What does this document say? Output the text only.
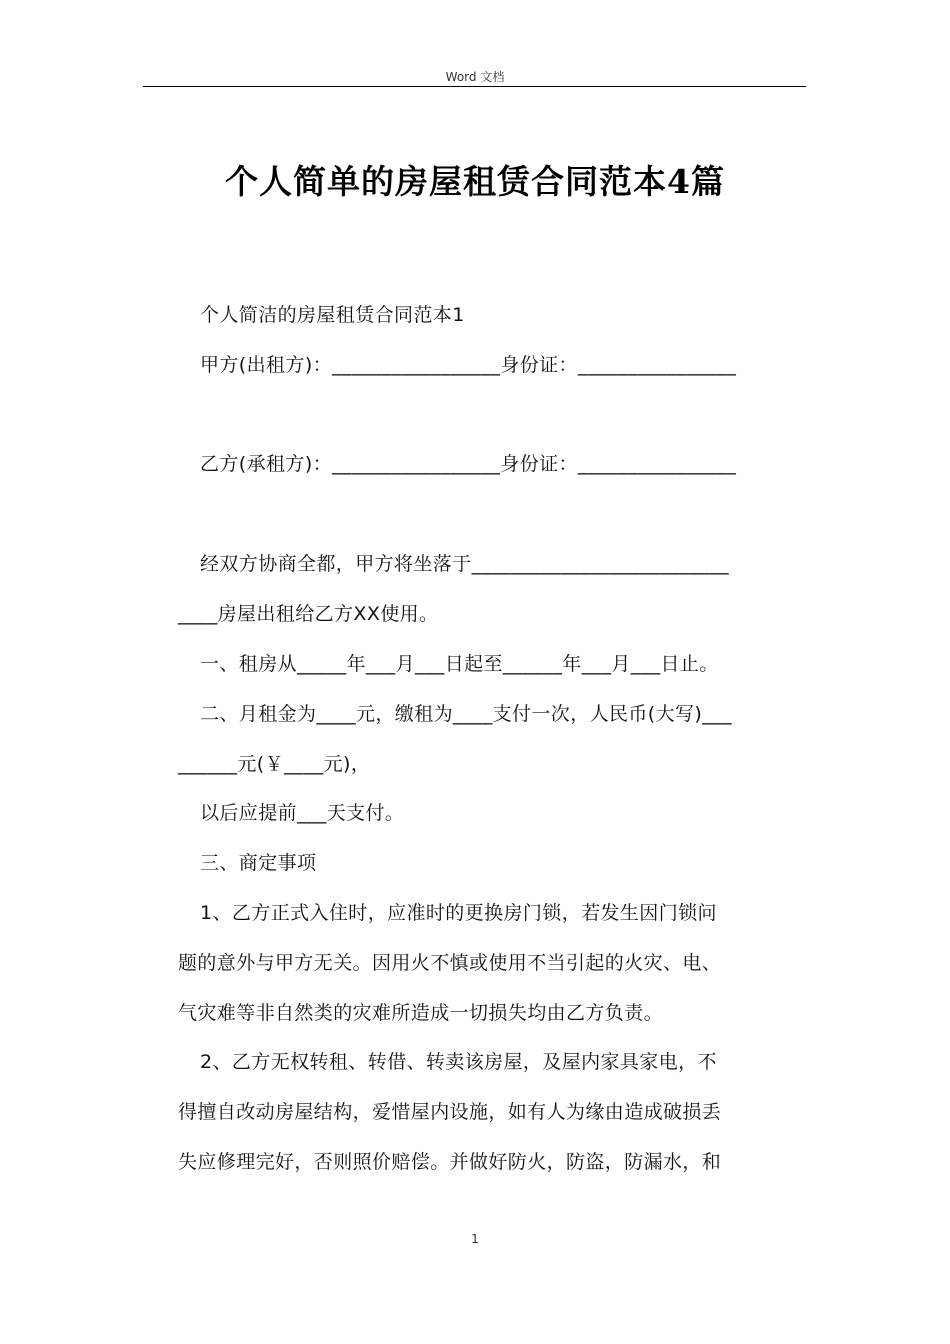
Word 文档
个人简单的房屋租赁合同范本4篇
个人简洁的房屋租赁合同范本1
甲方(出租方)：_________________身份证：________________
乙方(承租方)：_________________身份证：________________
经双方协商全都，甲方将坐落于__________________________
____房屋出租给乙方XX使用。
一、租房从_____年___月___日起至______年___月___日止。
二、月租金为____元，缴租为____支付一次，人民币(大写)___
______元(￥____元)，
以后应提前___天支付。
三、商定事项
1、乙方正式入住时，应准时的更换房门锁，若发生因门锁问
题的意外与甲方无关。因用火不慎或使用不当引起的火灾、电、
气灾难等非自然类的灾难所造成一切损失均由乙方负责。
2、乙方无权转租、转借、转卖该房屋，及屋内家具家电，不
得擅自改动房屋结构，爱惜屋内设施，如有人为缘由造成破损丢
失应修理完好，否则照价赔偿。并做好防火，防盗，防漏水，和
1
